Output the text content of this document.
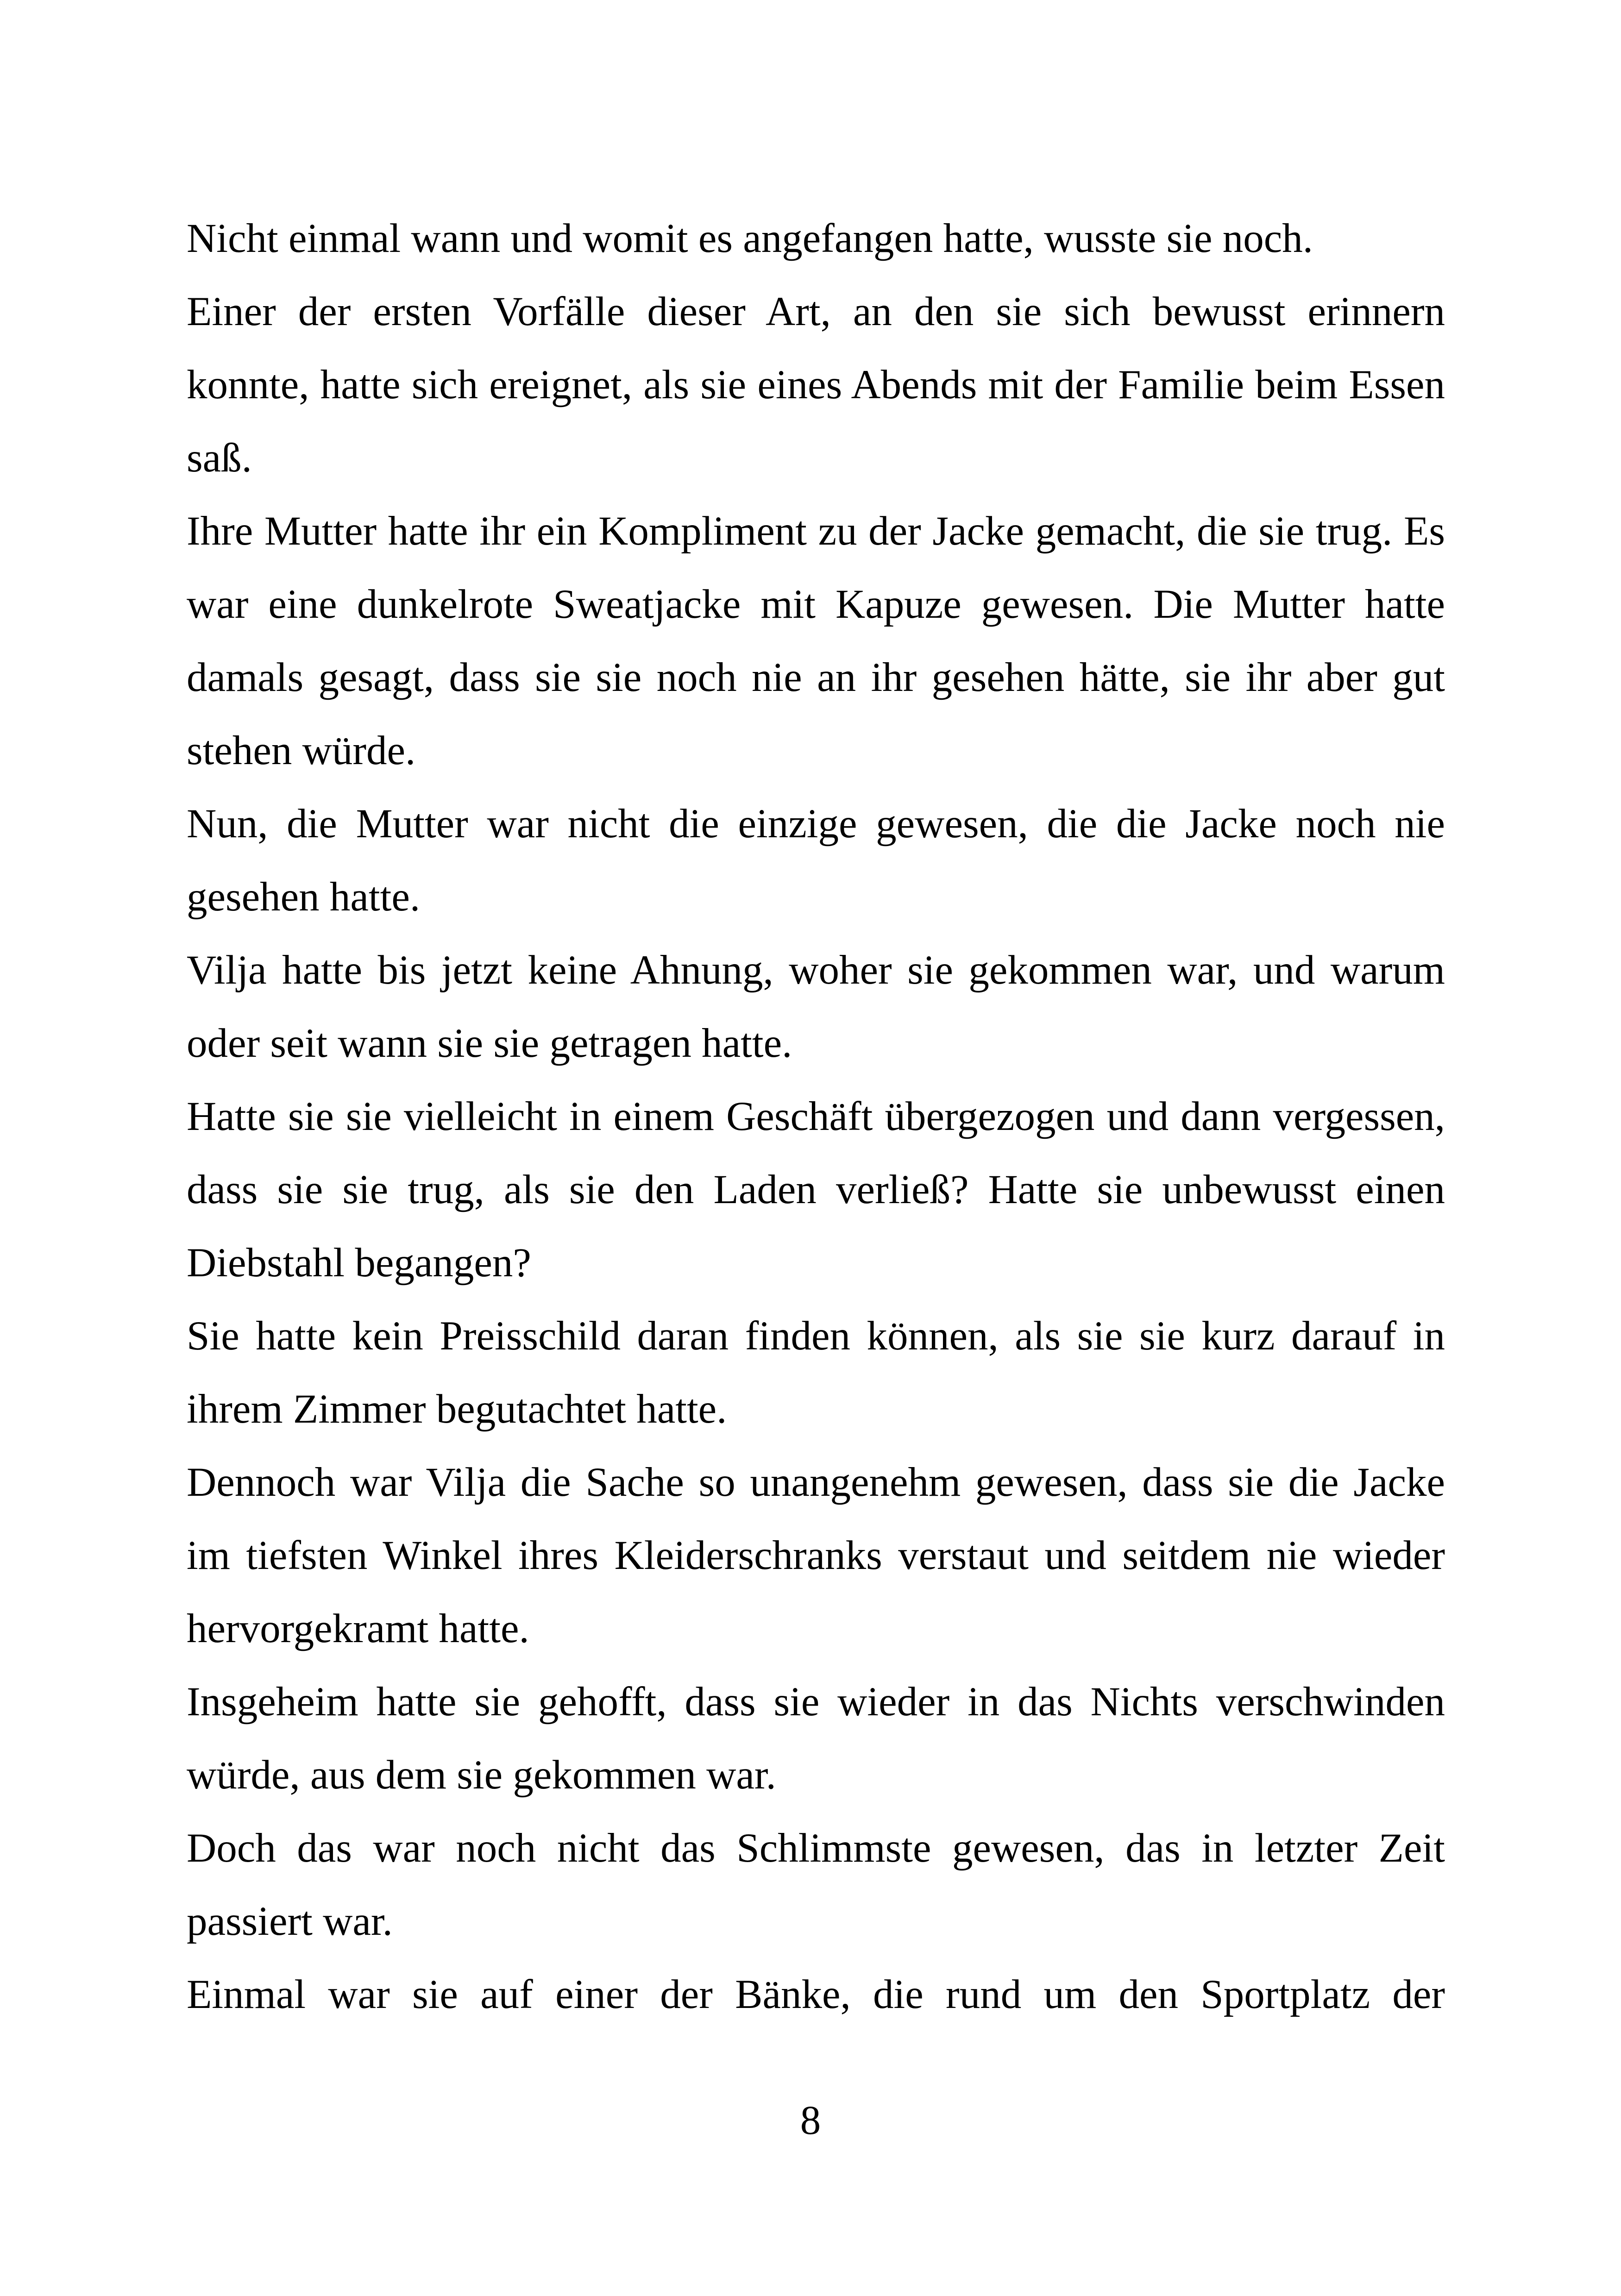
Nicht einmal wann und womit es angefangen hatte, wusste sie noch.

Einer der ersten Vorfälle dieser Art, an den sie sich bewusst erinnern konnte, hatte sich ereignet, als sie eines Abends mit der Familie beim Essen saß.

Ihre Mutter hatte ihr ein Kompliment zu der Jacke gemacht, die sie trug. Es war eine dunkelrote Sweatjacke mit Kapuze gewesen. Die Mutter hatte damals gesagt, dass sie sie noch nie an ihr gesehen hätte, sie ihr aber gut stehen würde.

Nun, die Mutter war nicht die einzige gewesen, die die Jacke noch nie gesehen hatte.

Vilja hatte bis jetzt keine Ahnung, woher sie gekommen war, und warum oder seit wann sie sie getragen hatte.

Hatte sie sie vielleicht in einem Geschäft übergezogen und dann vergessen, dass sie sie trug, als sie den Laden verließ? Hatte sie unbewusst einen Diebstahl begangen?

Sie hatte kein Preisschild daran finden können, als sie sie kurz darauf in ihrem Zimmer begutachtet hatte.

Dennoch war Vilja die Sache so unangenehm gewesen, dass sie die Jacke im tiefsten Winkel ihres Kleiderschranks verstaut und seitdem nie wieder hervorgekramt hatte.

Insgeheim hatte sie gehofft, dass sie wieder in das Nichts verschwinden würde, aus dem sie gekommen war.

Doch das war noch nicht das Schlimmste gewesen, das in letzter Zeit passiert war.

Einmal war sie auf einer der Bänke, die rund um den Sportplatz der

8
